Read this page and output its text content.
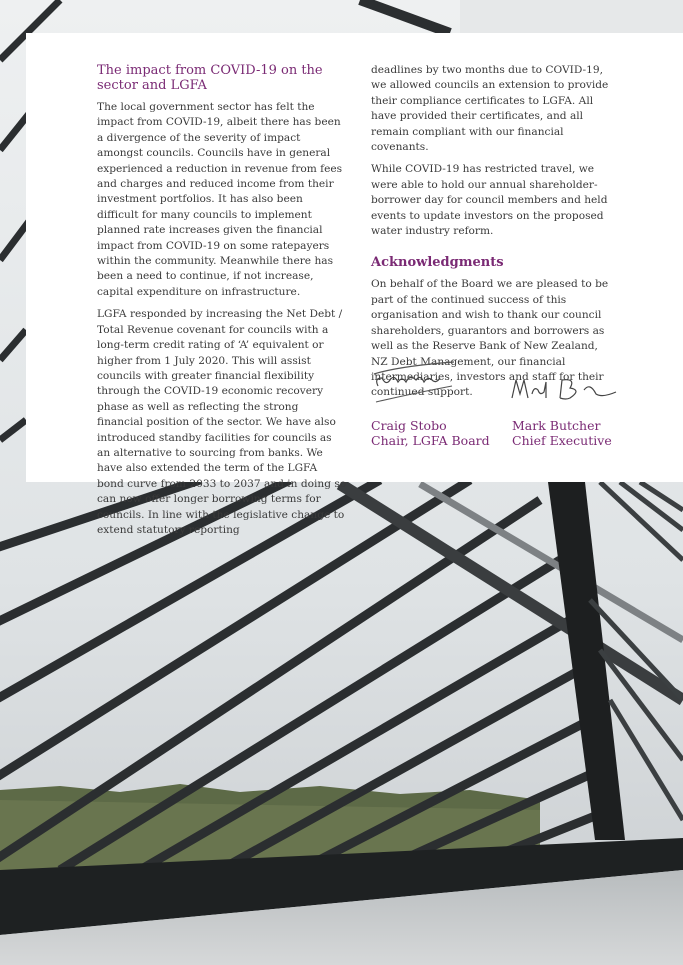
The impact from COVID-19 on the sector and LGFA

The local government sector has felt the impact from COVID-19, albeit there has been a divergence of the severity of impact amongst councils. Councils have in general experienced a reduction in revenue from fees and charges and reduced income from their investment portfolios. It has also been difficult for many councils to implement planned rate increases given the financial impact from COVID-19 on some ratepayers within the community. Meanwhile there has been a need to continue, if not increase, capital expenditure on infrastructure.

LGFA responded by increasing the Net Debt / Total Revenue covenant for councils with a long-term credit rating of ‘A’ equivalent or higher from 1 July 2020. This will assist councils with greater financial flexibility through the COVID-19 economic recovery phase as well as reflecting the strong financial position of the sector. We have also introduced standby facilities for councils as an alternative to sourcing from banks. We have also extended the term of the LGFA bond curve from 2033 to 2037 and in doing so can now offer longer borrowing terms for councils. In line with the legislative change to extend statutory reporting

deadlines by two months due to COVID-19, we allowed councils an extension to provide their compliance certificates to LGFA. All have provided their certificates, and all remain compliant with our financial covenants.

While COVID-19 has restricted travel, we were able to hold our annual shareholder-borrower day for council members and held events to update investors on the proposed water industry reform.

Acknowledgments

On behalf of the Board we are pleased to be part of the continued success of this organisation and wish to thank our council shareholders, guarantors and borrowers as well as the Reserve Bank of New Zealand, NZ Debt Management, our financial intermediaries, investors and staff for their continued support.

Craig Stobo
Chair, LGFA Board
Mark Butcher
Chief Executive
